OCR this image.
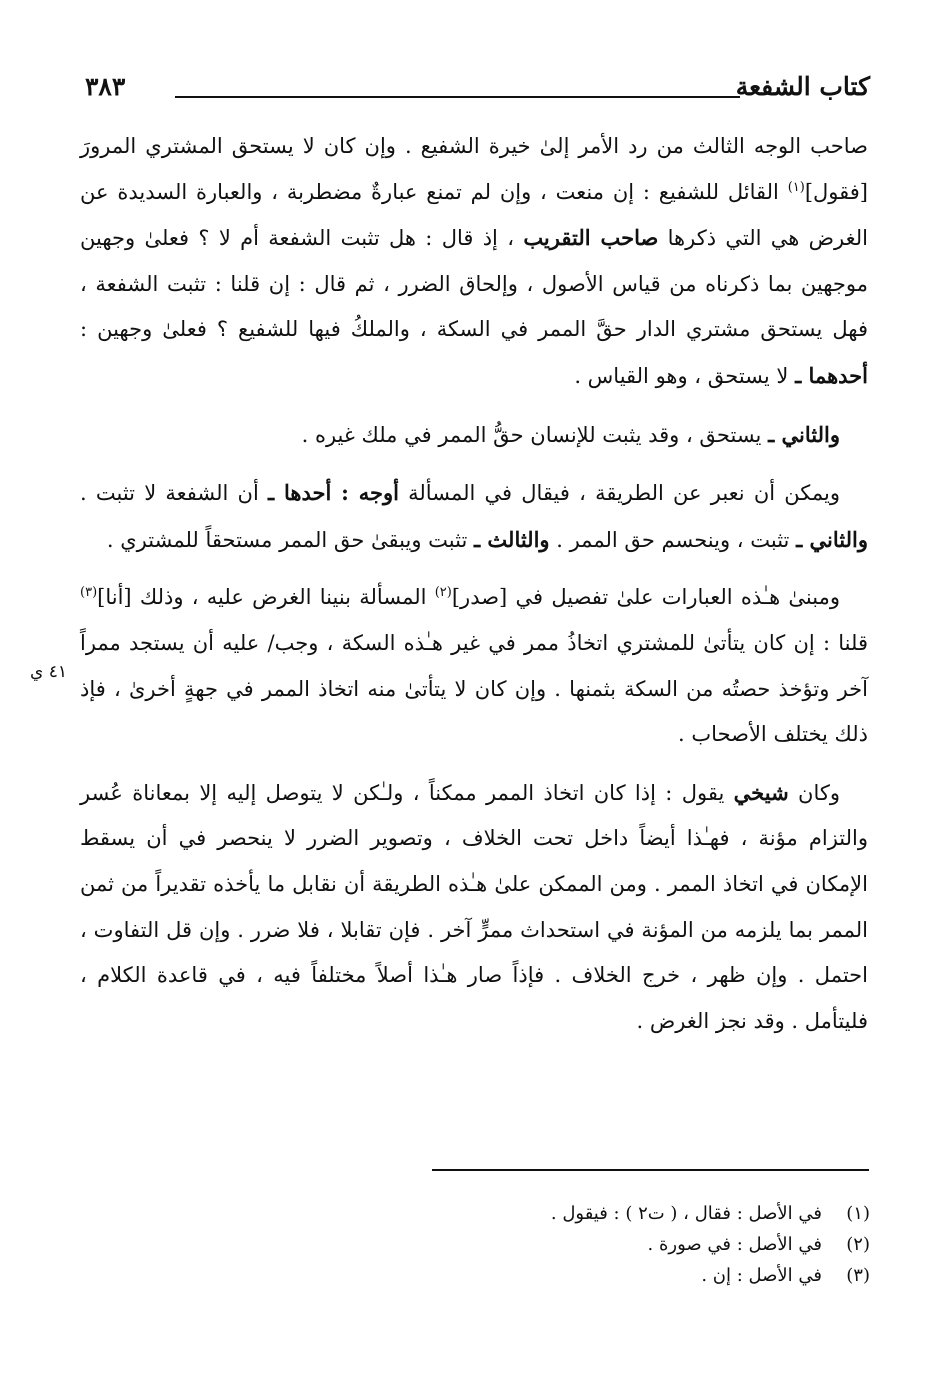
كتاب الشفعة
٣٨٣
٤١ ي

صاحب الوجه الثالث من رد الأمر إلىٰ خيرة الشفيع . وإن كان لا يستحق المشتري المرورَ [فقول]$^{(١)}$ القائل للشفيع : إن منعت ، وإن لم تمنع عبارةٌ مضطربة ، والعبارة السديدة عن الغرض هي التي ذكرها صاحب التقريب ، إذ قال : هل تثبت الشفعة أم لا ؟ فعلىٰ وجهين موجهين بما ذكرناه من قياس الأصول ، وإلحاق الضرر ، ثم قال : إن قلنا : تثبت الشفعة ، فهل يستحق مشتري الدار حقَّ الممر في السكة ، والملكُ فيها للشفيع ؟ فعلىٰ وجهين : أحدهما ـ لا يستحق ، وهو القياس .

والثاني ـ يستحق ، وقد يثبت للإنسان حقُّ الممر في ملك غيره .

ويمكن أن نعبر عن الطريقة ، فيقال في المسألة أوجه : أحدها ـ أن الشفعة لا تثبت . والثاني ـ تثبت ، وينحسم حق الممر . والثالث ـ تثبت ويبقىٰ حق الممر مستحقاً للمشتري .

ومبنىٰ هـٰذه العبارات علىٰ تفصيل في [صدر]$^{(٢)}$ المسألة بنينا الغرض عليه ، وذلك [أنا]$^{(٣)}$ قلنا : إن كان يتأتىٰ للمشتري اتخاذُ ممر في غير هـٰذه السكة ، وجب/ عليه أن يستجد ممراً آخر وتؤخذ حصتُه من السكة بثمنها . وإن كان لا يتأتىٰ منه اتخاذ الممر في جهةٍ أخرىٰ ، فإذ ذلك يختلف الأصحاب .

وكان شيخي يقول : إذا كان اتخاذ الممر ممكناً ، ولـٰكن لا يتوصل إليه إلا بمعاناة عُسر والتزام مؤنة ، فهـٰذا أيضاً داخل تحت الخلاف ، وتصوير الضرر لا ينحصر في أن يسقط الإمكان في اتخاذ الممر . ومن الممكن علىٰ هـٰذه الطريقة أن نقابل ما يأخذه تقديراً من ثمن الممر بما يلزمه من المؤنة في استحداث ممرٍّ آخر . فإن تقابلا ، فلا ضرر . وإن قل التفاوت ، احتمل . وإن ظهر ، خرج الخلاف . فإذاً صار هـٰذا أصلاً مختلفاً فيه ، في قاعدة الكلام ، فليتأمل . وقد نجز الغرض .

(١)في الأصل : فقال ، ( ت٢ ) : فيقول .
(٢)في الأصل : في صورة .
(٣)في الأصل : إن .
